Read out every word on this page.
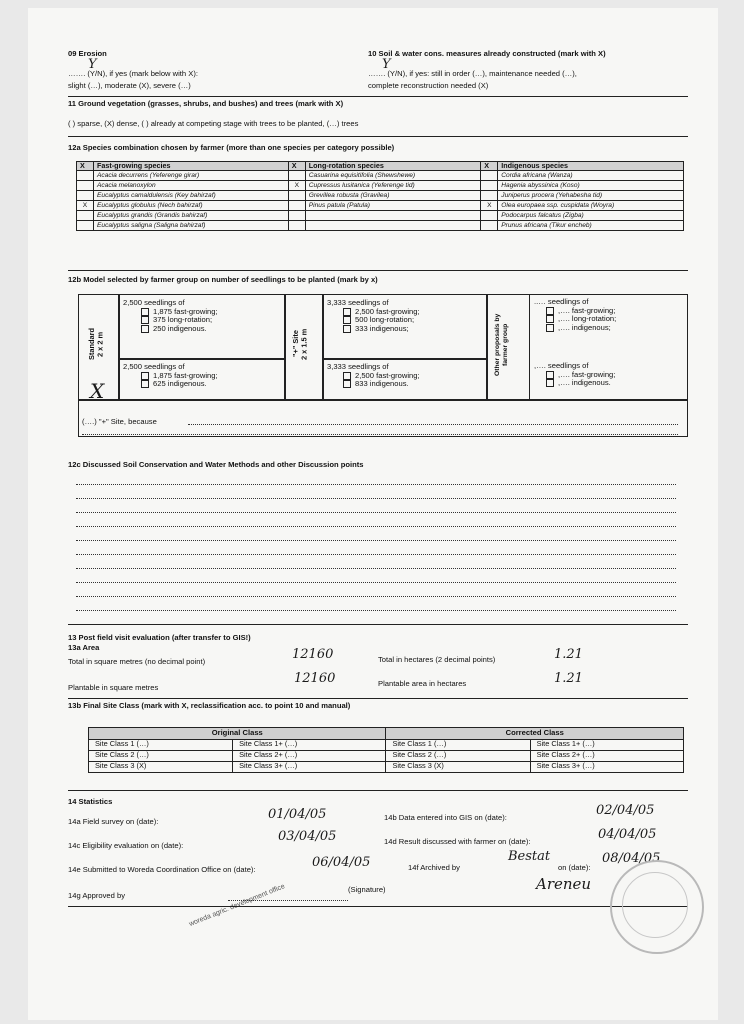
09 Erosion
Y
……. (Y/N), if yes (mark below with X):
slight (…), moderate (X), severe (…)
10 Soil & water cons. measures already constructed (mark with X)
Y
……. (Y/N), if yes: still in order (…), maintenance needed (…),
complete reconstruction needed (X)
11 Ground vegetation (grasses, shrubs, and bushes) and trees (mark with X)
( ) sparse, (X) dense, ( ) already at competing stage with trees to be planted, (…) trees
12a Species combination chosen by farmer (more than one species per category possible)
X	Fast-growing species	X	Long-rotation species	X	Indigenous species
	Acacia decurrens (Yeferenge girar)		Casuarina equisitifolia (Shewshewe)		Cordia africana (Wanza)
	Acacia melanoxylon	X	Cupressus lusitanica (Yeferenge tid)		Hagenia abyssinica (Koso)
	Eucalyptus camaldulensis (Key bahirzaf)		Grevillea robusta (Gravilea)		Juniperus procera (Yehabesha tid)
X	Eucalyptus globulus (Nech bahirzaf)		Pinus patula (Patula)	X	Olea europaea ssp. cuspidata (Woyra)
	Eucalyptus grandis (Grandis bahirzaf)				Podocarpus falcatus (Zigba)
	Eucalyptus saligna (Saligna bahirzaf)				Prunus africana (Tikur encheb)
12b Model selected by farmer group on number of seedlings to be planted (mark by x)
Standard
2 x 2 m
X
2,500 seedlings of
1,875 fast-growing;
375 long-rotation;
250 indigenous.
2,500 seedlings of
1,875 fast-growing;
625 indigenous.
"+" Site
2 x 1.5 m
3,333 seedlings of
2,500 fast-growing;
500 long-rotation;
333 indigenous;
3,333 seedlings of
2,500 fast-growing;
833 indigenous.
Other proposals by
farmer group
..… seedlings of
,…. fast-growing;
,…. long-rotation;
,…. indigenous;
,…. seedlings of
,…. fast-growing;
,…. indigenous.
(….) "+" Site, because
12c Discussed Soil Conservation and Water Methods and other Discussion points
13 Post field visit evaluation (after transfer to GIS!)
13a Area
Total in square metres (no decimal point)	12160	Total in hectares (2 decimal points)	1.21
Plantable in square metres
12160	Plantable area in hectares	1.21
13b Final Site Class (mark with X, reclassification acc. to point 10 and manual)
Original Class		Corrected Class	
Site Class 1 (…)	Site Class 1+ (…)	Site Class 1 (…)	Site Class 1+ (…)
Site Class 2 (…)	Site Class 2+ (…)	Site Class 2 (…)	Site Class 2+ (…)
Site Class 3 (X)	Site Class 3+ (…)	Site Class 3 (X)	Site Class 3+ (…)
14 Statistics
14a Field survey on (date):	01/04/05	14b Data entered into GIS on (date):	02/04/05
14c Eligibility evaluation on (date):
03/04/05	14d Result discussed with farmer on (date):	04/04/05
14e Submitted to Woreda Coordination Office on (date):	06/04/05	14f Archived by
Bestat
on (date):
08/04/05
14g Approved by
(Signature)	Areneu
woreda agric. development office
